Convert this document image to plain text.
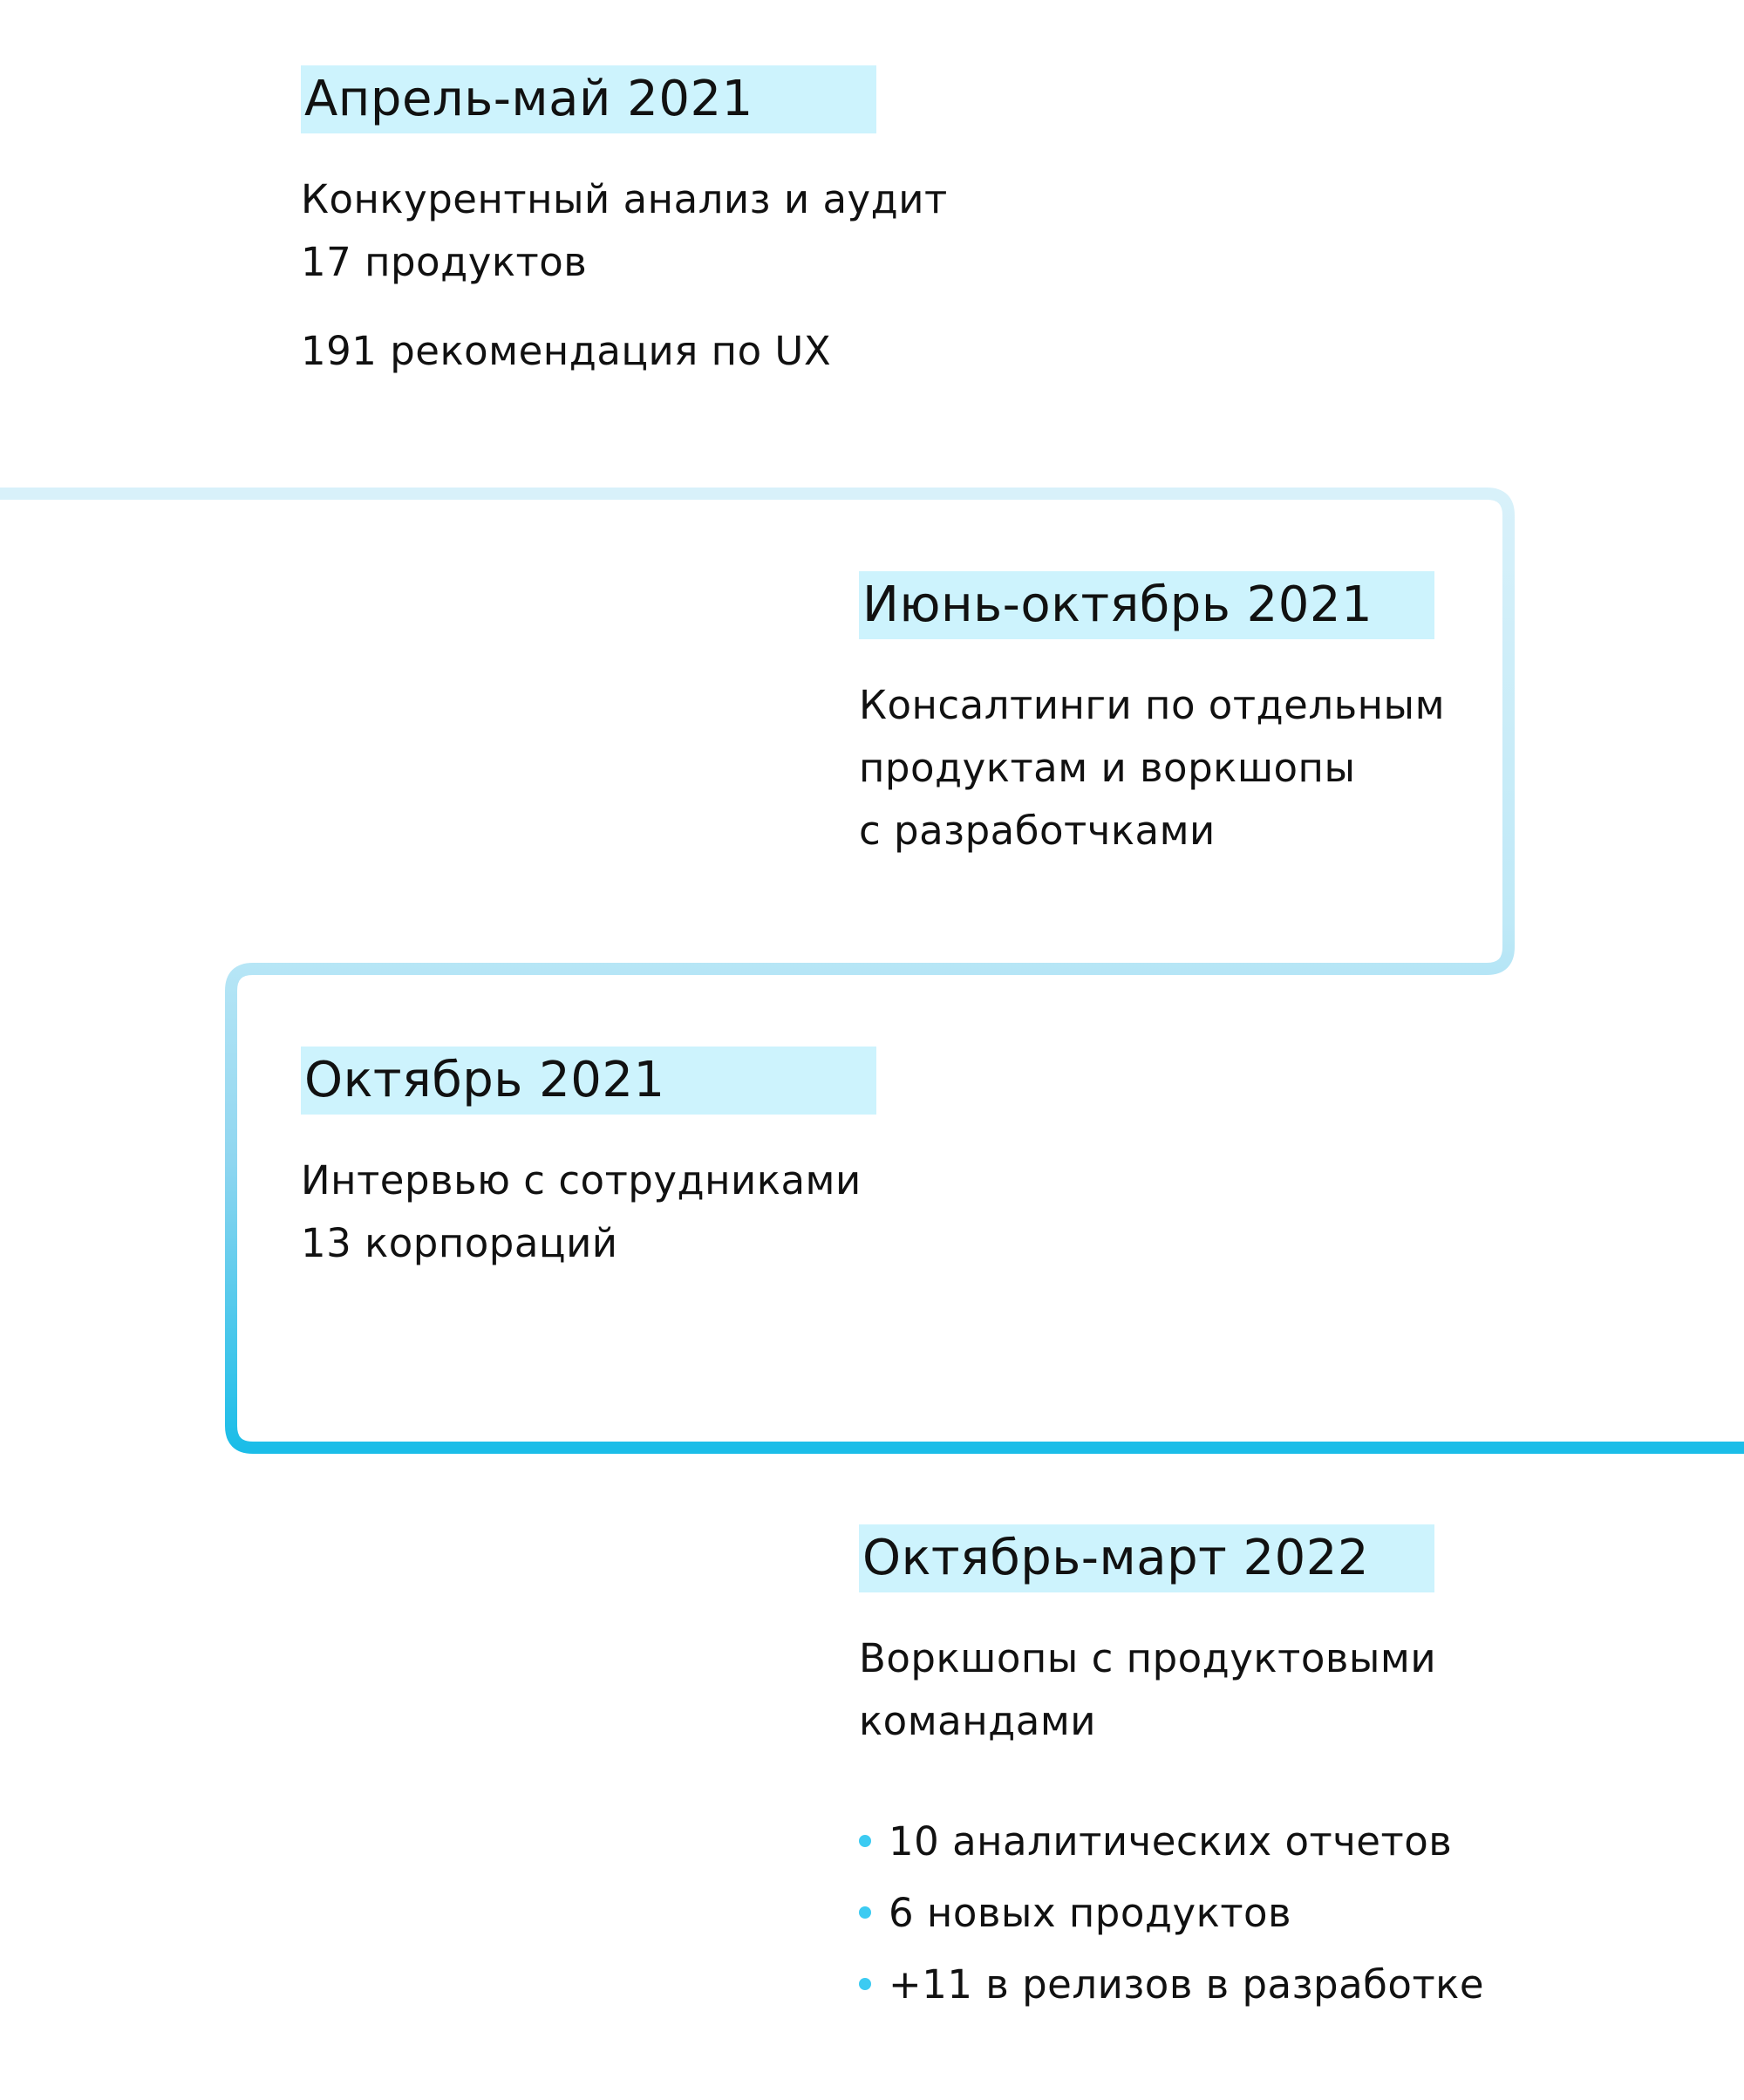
Апрель-май 2021

Конкурентный анализ и аудит
17 продуктов

191 рекомендация по UX

Июнь-октябрь 2021

Консалтинги по отдельным
продуктам и воркшопы
с разработчками

Октябрь 2021

Интервью с сотрудниками
13 корпораций

Октябрь-март 2022

Воркшопы с продуктовыми
командами

10 аналитических отчетов
6 новых продуктов
+11 в релизов в разработке
